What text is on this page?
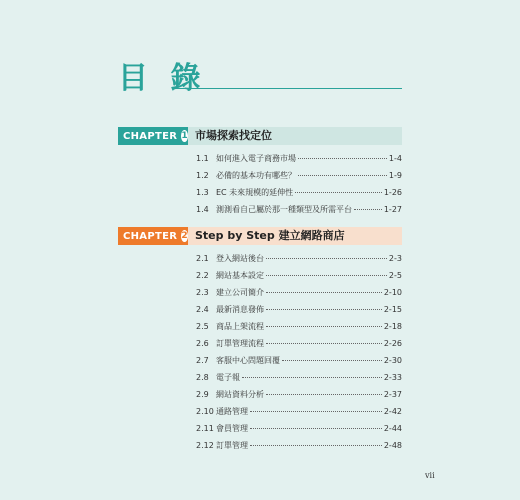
目 錄
CHAPTER 1 市場探索找定位
1.1 如何進入電子商務市場	1-4
1.2 必備的基本功有哪些？	1-9
1.3 EC 未來規模的延伸性	1-26
1.4 測測看自己屬於那一種類型及所需平台	1-27
CHAPTER 2 Step by Step 建立網路商店
2.1 登入網站後台	2-3
2.2 網站基本設定	2-5
2.3 建立公司簡介	2-10
2.4 最新消息發佈	2-15
2.5 商品上架流程	2-18
2.6 訂單管理流程	2-26
2.7 客服中心問題回覆	2-30
2.8 電子報	2-33
2.9 網站資料分析	2-37
2.10 通路管理	2-42
2.11 會員管理	2-44
2.12 訂單管理	2-48
vii
